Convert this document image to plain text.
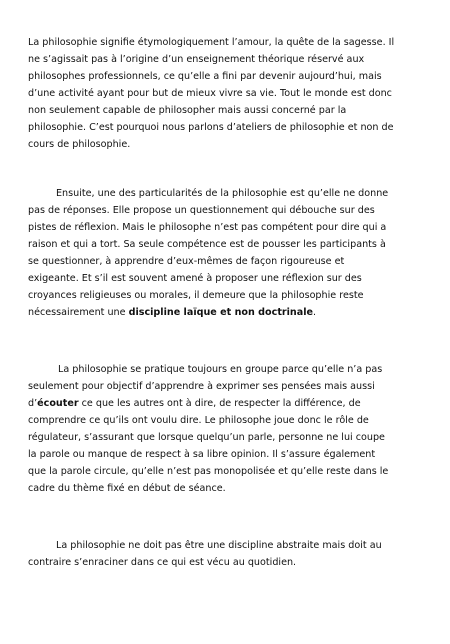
La philosophie signifie étymologiquement l’amour, la quête de la sagesse. Il ne s’agissait pas à l’origine d’un enseignement théorique réservé aux philosophes professionnels, ce qu’elle a fini par devenir aujourd’hui, mais d’une activité ayant pour but de mieux vivre sa vie. Tout le monde est donc non seulement capable de philosopher mais aussi concerné par la philosophie. C’est pourquoi nous parlons d’ateliers de philosophie et non de cours de philosophie.

Ensuite, une des particularités de la philosophie est qu’elle ne donne pas de réponses. Elle propose un questionnement qui débouche sur des pistes de réflexion. Mais le philosophe n’est pas compétent pour dire qui a raison et qui a tort. Sa seule compétence est de pousser les participants à se questionner, à apprendre d’eux-mêmes de façon rigoureuse et exigeante. Et s’il est souvent amené à proposer une réflexion sur des croyances religieuses ou morales, il demeure que la philosophie reste nécessairement une discipline laïque et non doctrinale.

La philosophie se pratique toujours en groupe parce qu’elle n’a pas seulement pour objectif d’apprendre à exprimer ses pensées mais aussi d’écouter ce que les autres ont à dire, de respecter la différence, de comprendre ce qu’ils ont voulu dire. Le philosophe joue donc le rôle de régulateur, s’assurant que lorsque quelqu’un parle, personne ne lui coupe la parole ou manque de respect à sa libre opinion. Il s’assure également que la parole circule, qu’elle n’est pas monopolisée et qu’elle reste dans le cadre du thème fixé en début de séance.

La philosophie ne doit pas être une discipline abstraite mais doit au contraire s’enraciner dans ce qui est vécu au quotidien.
